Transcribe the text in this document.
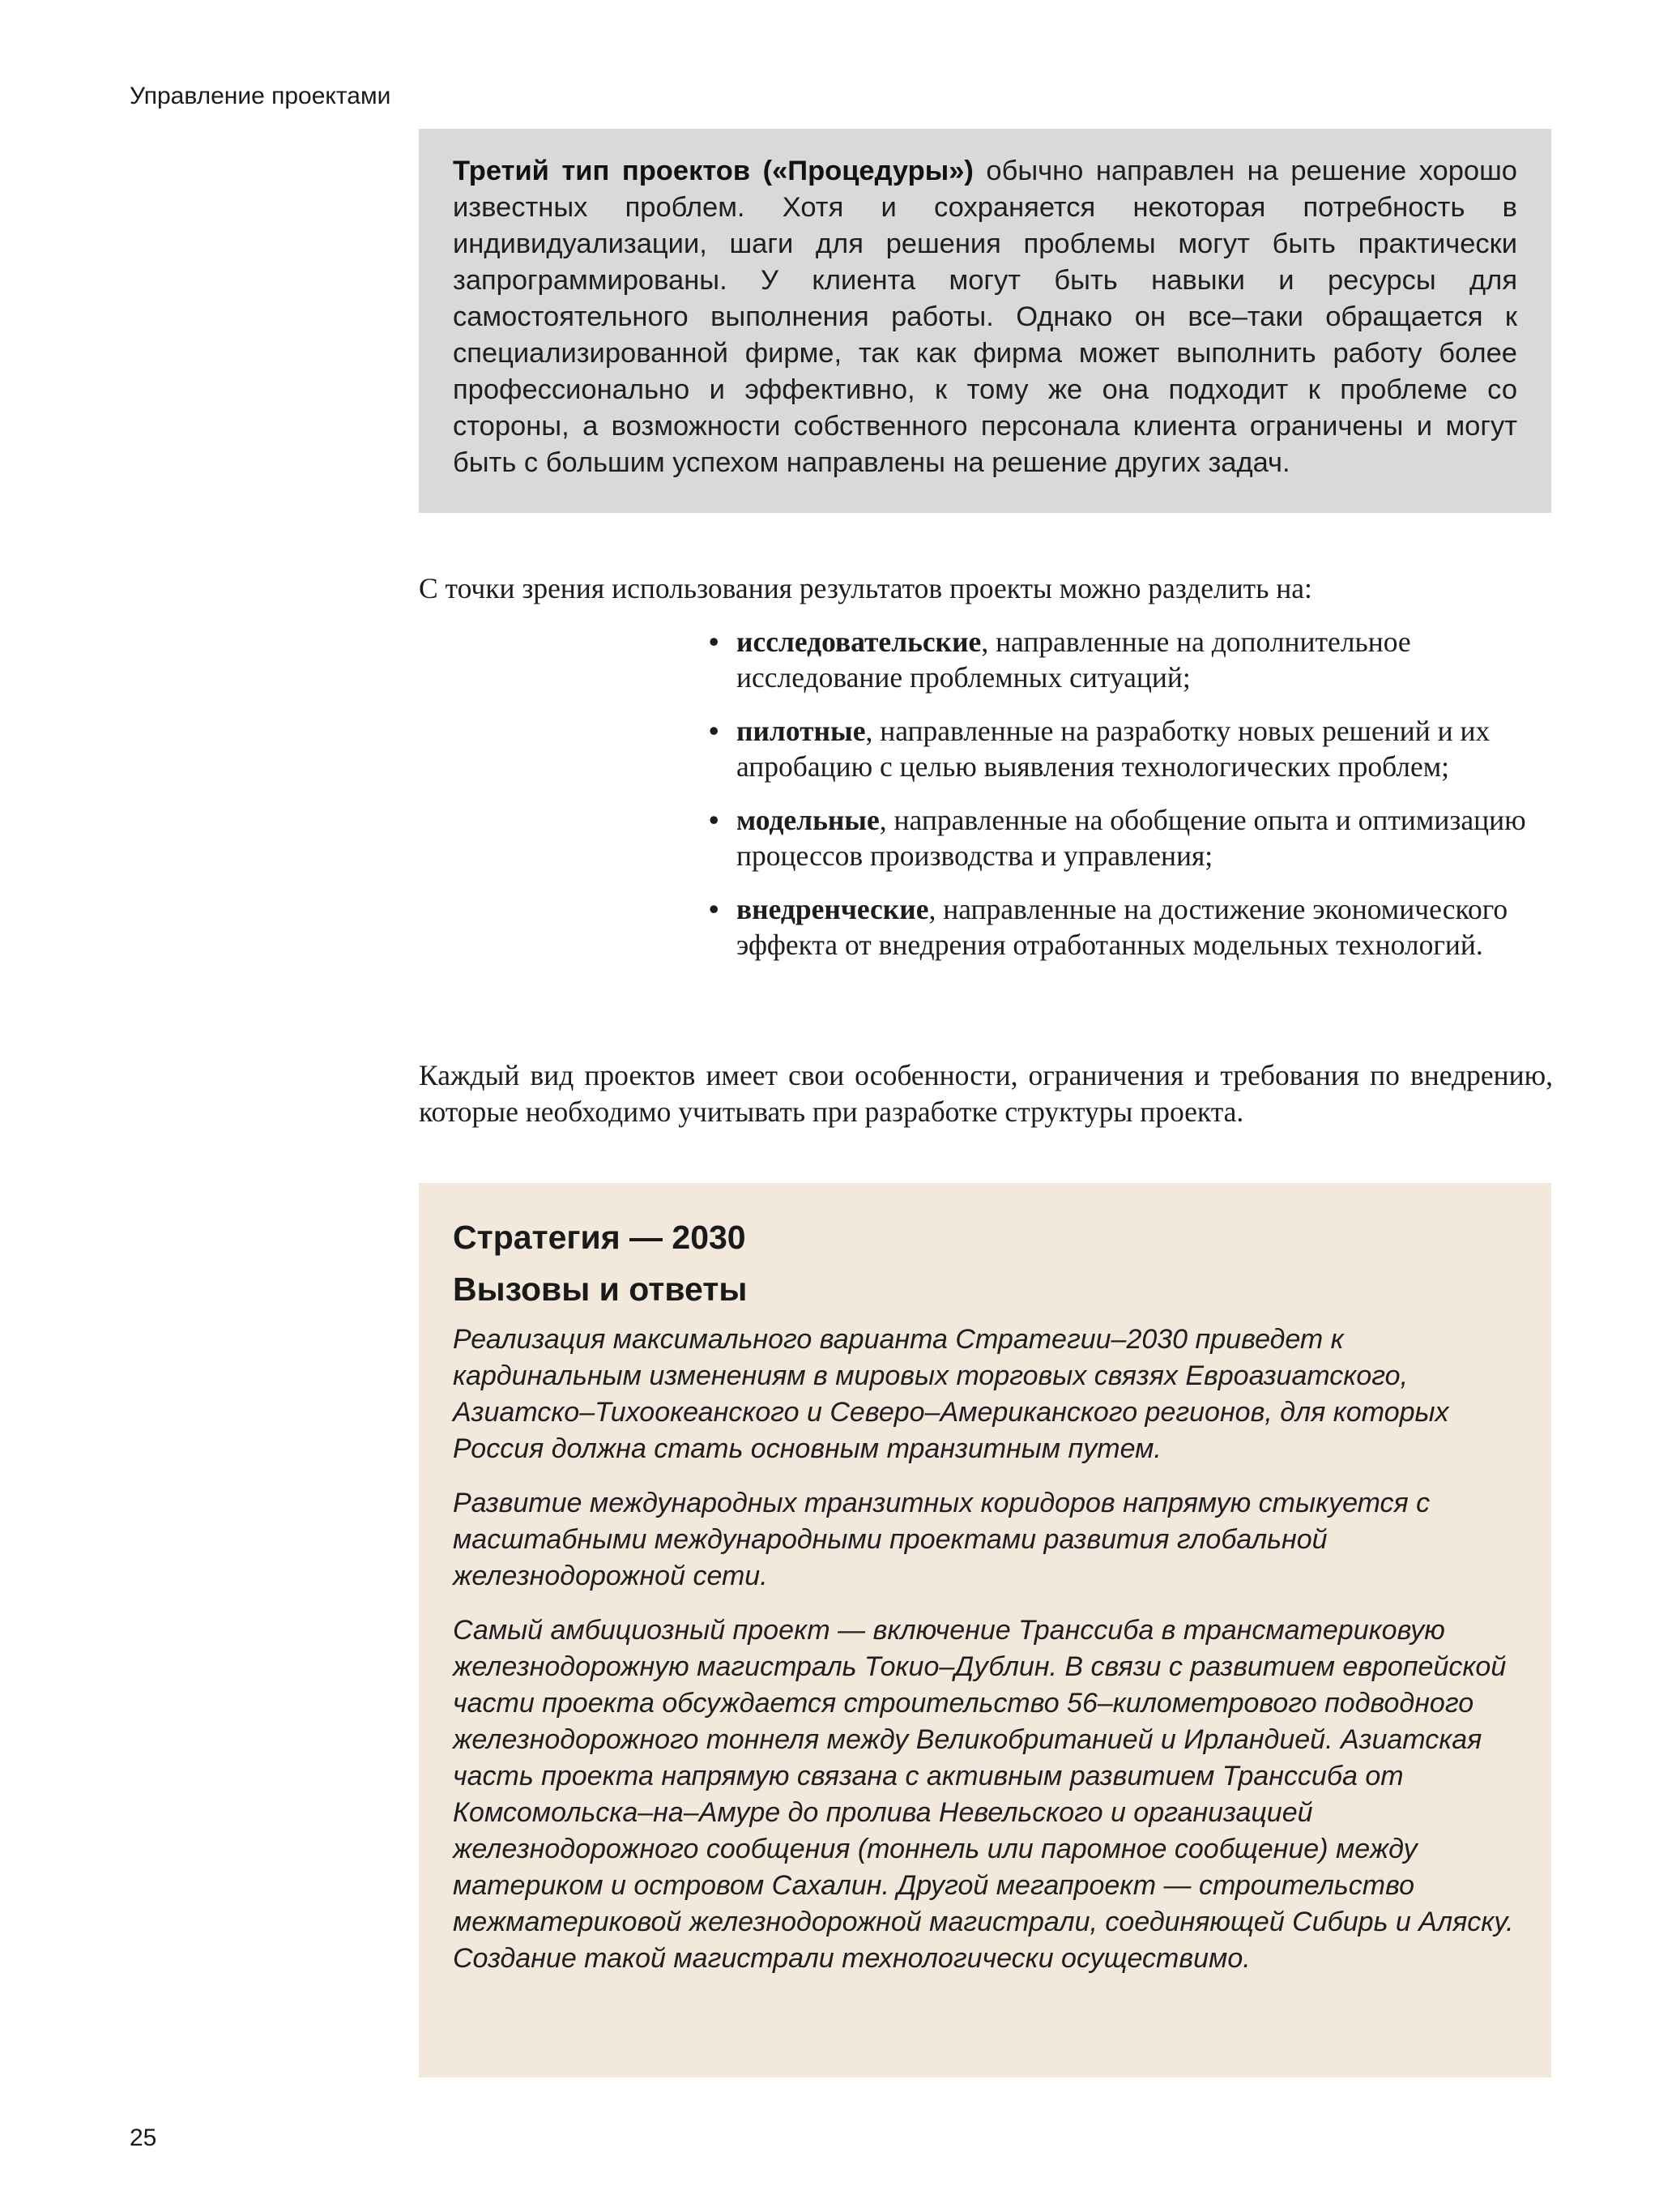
Управление проектами

Третий тип проектов («Процедуры») обычно направлен на решение хорошо известных проблем. Хотя и сохраняется некоторая потребность в индивидуализации, шаги для решения проблемы могут быть практически запрограммированы. У клиента могут быть навыки и ресурсы для самостоятельного выполнения работы. Однако он все–таки обращается к специализированной фирме, так как фирма может выполнить работу более профессионально и эффективно, к тому же она подходит к проблеме со стороны, а возможности собственного персонала клиента ограничены и могут быть с большим успехом направлены на решение других задач.

С точки зрения использования результатов проекты можно разделить на:

• исследовательские, направленные на дополнительное исследование проблемных ситуаций;
• пилотные, направленные на разработку новых решений и их апробацию с целью выявления технологических проблем;
• модельные, направленные на обобщение опыта и оптимизацию процессов производства и управления;
• внедренческие, направленные на достижение экономического эффекта от внедрения отработанных модельных технологий.

Каждый вид проектов имеет свои особенности, ограничения и требования по внедрению, которые необходимо учитывать при разработке структуры проекта.

Стратегия — 2030
Вызовы и ответы

Реализация максимального варианта Стратегии–2030 приведет к кардинальным изменениям в мировых торговых связях Евроазиатского, Азиатско–Тихоокеанского и Северо–Американского регионов, для которых Россия должна стать основным транзитным путем.

Развитие международных транзитных коридоров напрямую стыкуется с масштабными международными проектами развития глобальной железнодорожной сети.

Самый амбициозный проект — включение Транссиба в трансматериковую железнодорожную магистраль Токио–Дублин. В связи с развитием европейской части проекта обсуждается строительство 56–километрового подводного железнодорожного тоннеля между Великобританией и Ирландией. Азиатская часть проекта напрямую связана с активным развитием Транссиба от Комсомольска–на–Амуре до пролива Невельского и организацией железнодорожного сообщения (тоннель или паромное сообщение) между материком и островом Сахалин. Другой мегапроект — строительство межматериковой железнодорожной магистрали, соединяющей Сибирь и Аляску. Создание такой магистрали технологически осуществимо.

25
